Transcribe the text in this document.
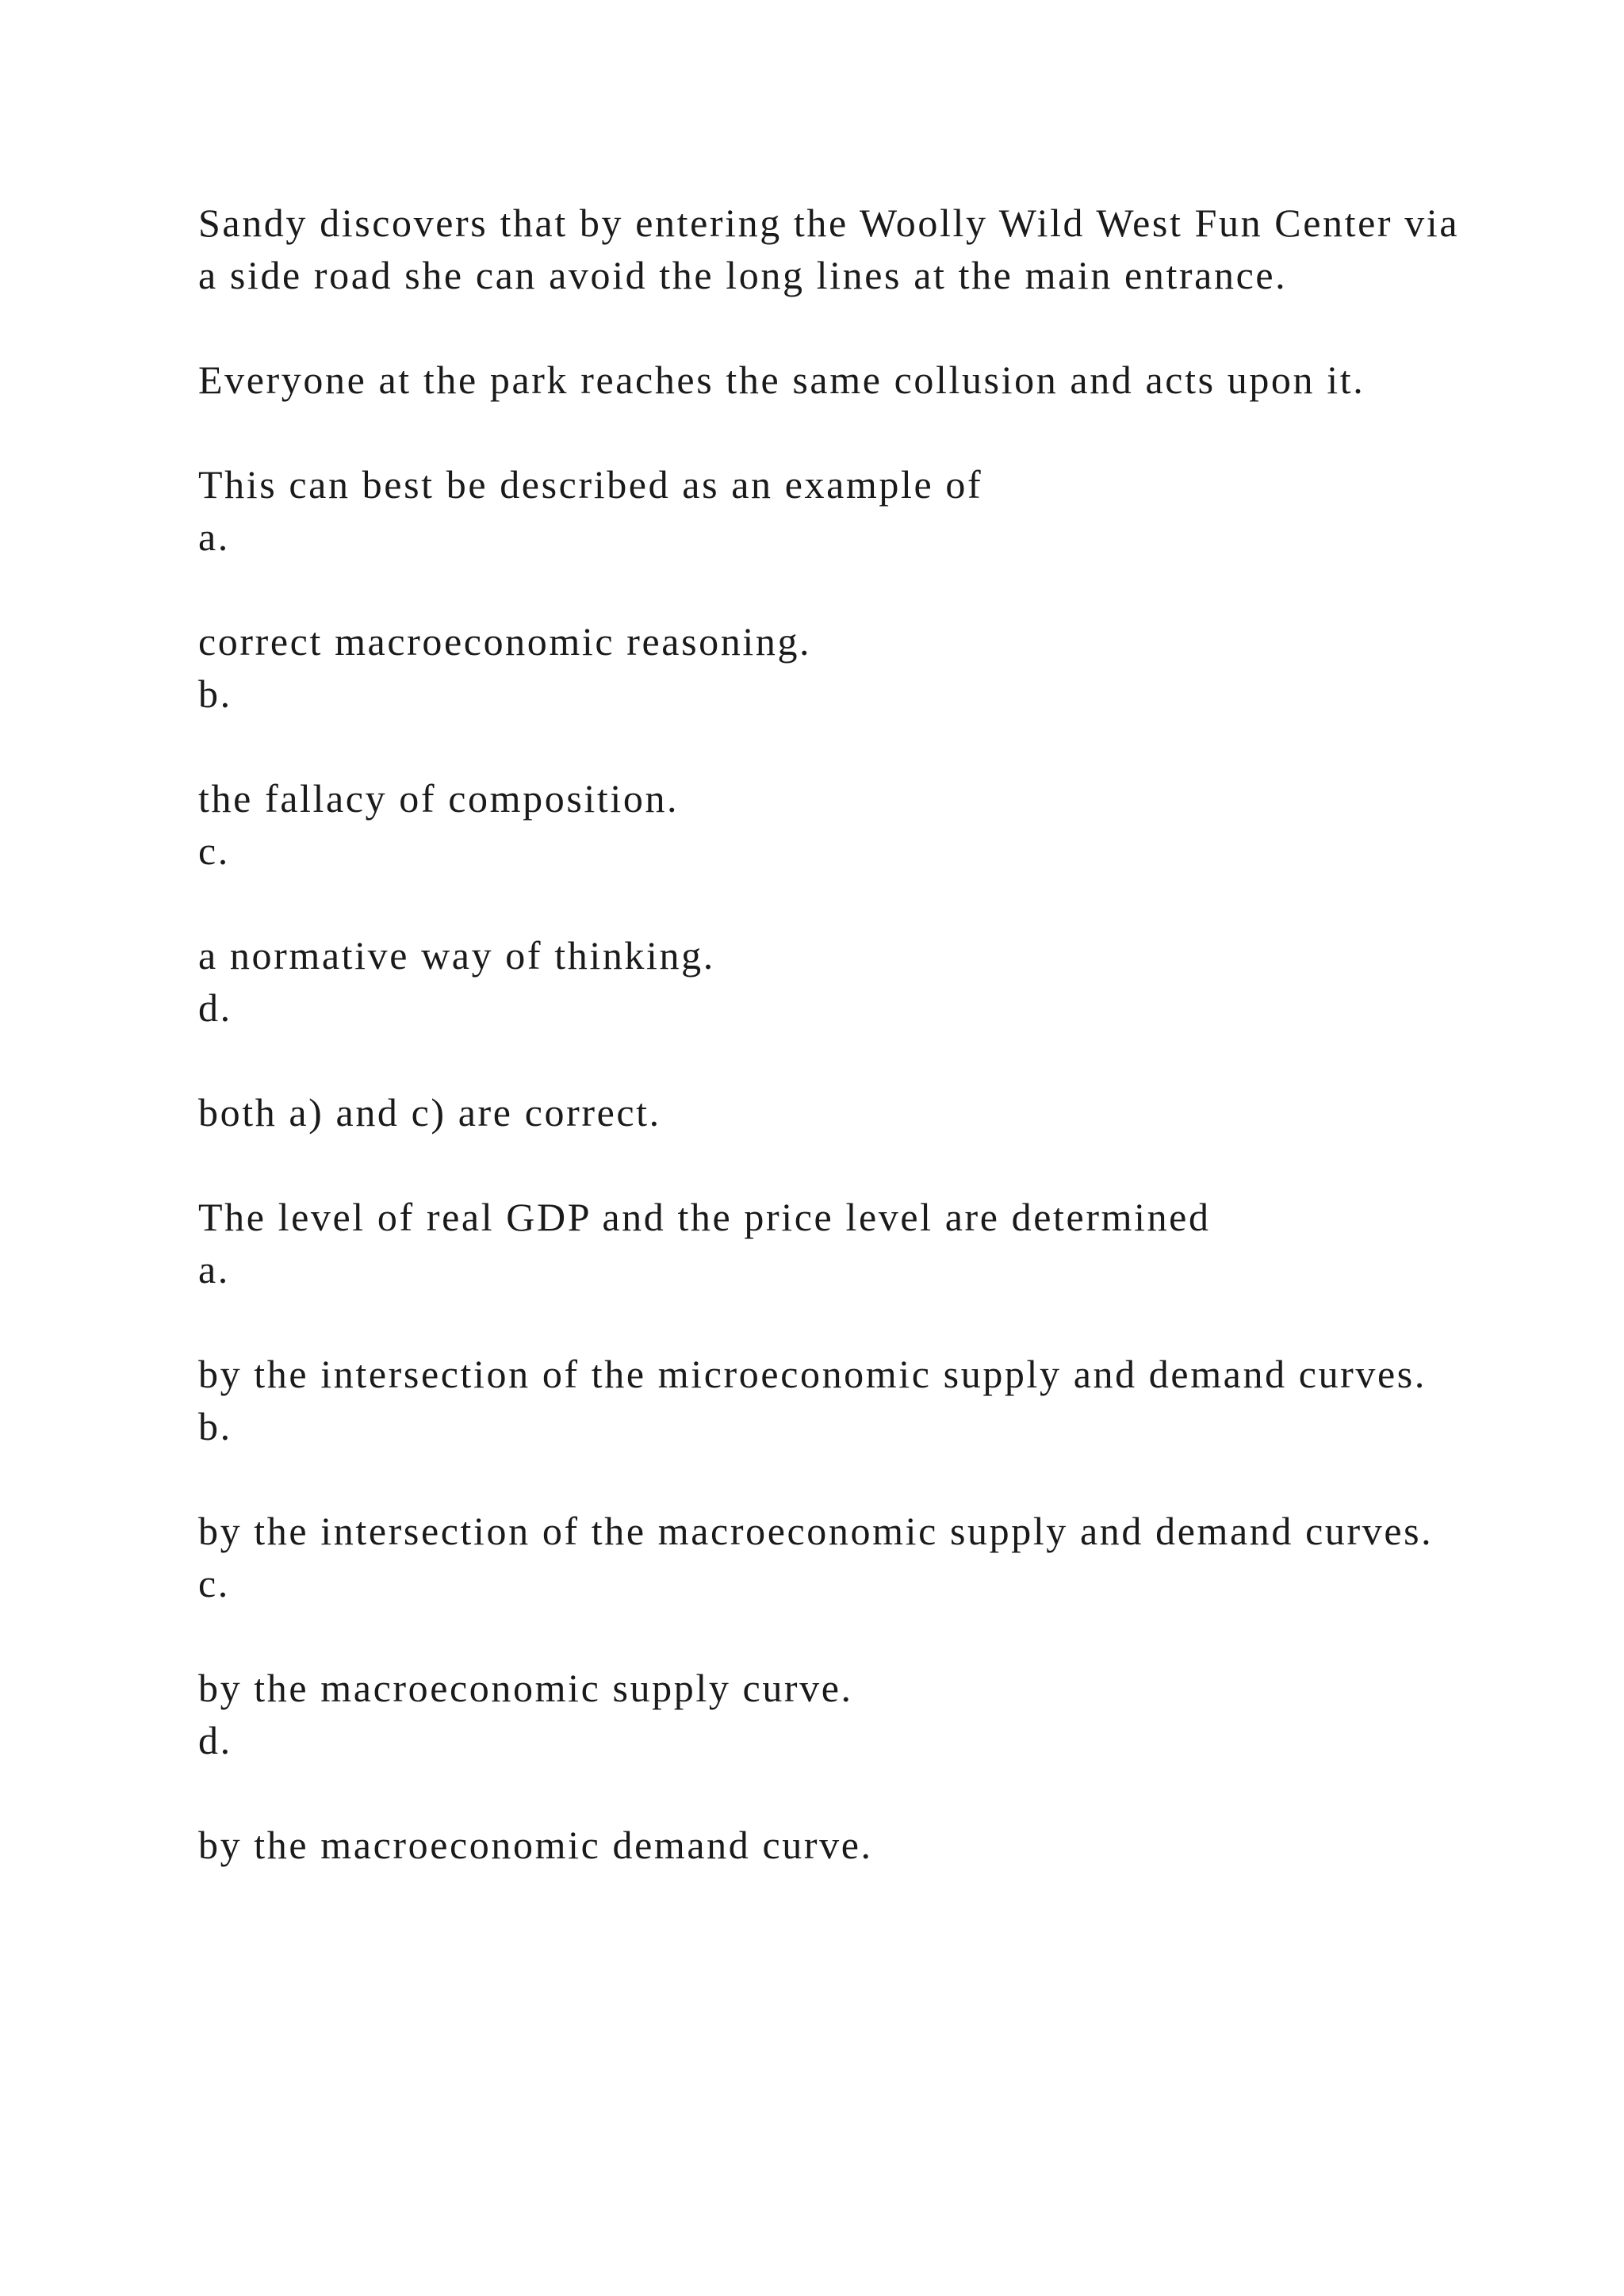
Sandy discovers that by entering the Woolly Wild West Fun Center via a side road she can avoid the long lines at the main entrance.

Everyone at the park reaches the same collusion and acts upon it.

This can best be described as an example of

a.

correct macroeconomic reasoning.

b.

the fallacy of composition.

c.

a normative way of thinking.

d.

both a) and c) are correct.

The level of real GDP and the price level are determined

a.

by the intersection of the microeconomic supply and demand curves.

b.

by the intersection of the macroeconomic supply and demand curves.

c.

by the macroeconomic supply curve.

d.

by the macroeconomic demand curve.
